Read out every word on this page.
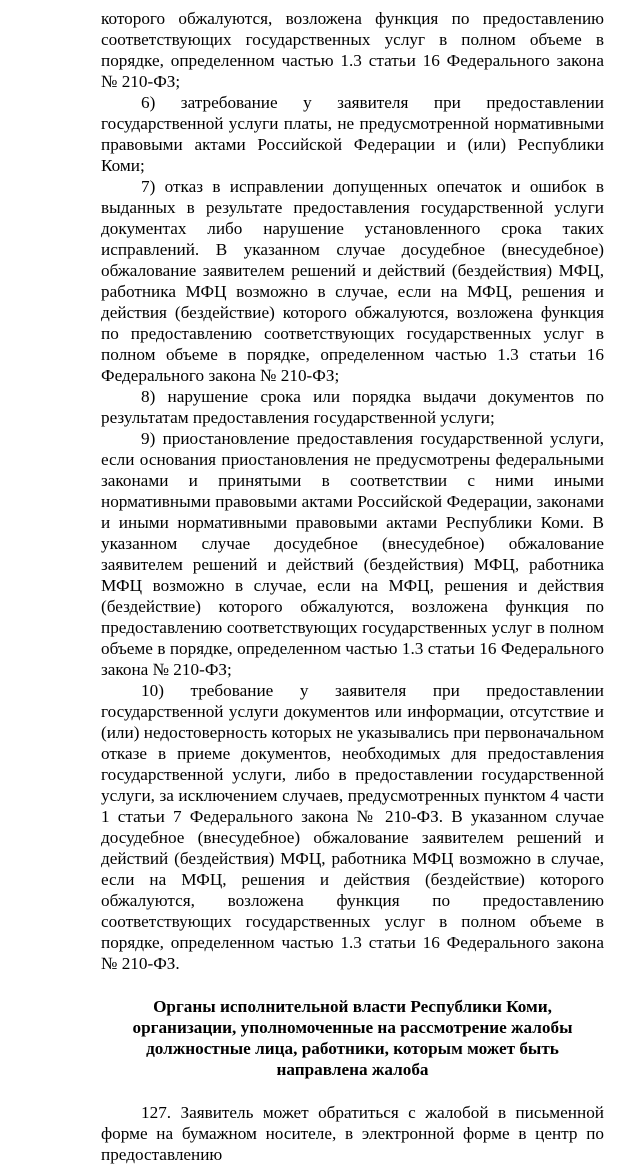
которого обжалуются, возложена функция по предоставлению соответствующих государственных услуг в полном объеме в порядке, определенном частью 1.3 статьи 16 Федерального закона № 210-ФЗ;

6) затребование у заявителя при предоставлении государственной услуги платы, не предусмотренной нормативными правовыми актами Российской Федерации и (или) Республики Коми;

7) отказ в исправлении допущенных опечаток и ошибок в выданных в результате предоставления государственной услуги документах либо нарушение установленного срока таких исправлений. В указанном случае досудебное (внесудебное) обжалование заявителем решений и действий (бездействия) МФЦ, работника МФЦ возможно в случае, если на МФЦ, решения и действия (бездействие) которого обжалуются, возложена функция по предоставлению соответствующих государственных услуг в полном объеме в порядке, определенном частью 1.3 статьи 16 Федерального закона № 210-ФЗ;

8) нарушение срока или порядка выдачи документов по результатам предоставления государственной услуги;

9) приостановление предоставления государственной услуги, если основания приостановления не предусмотрены федеральными законами и принятыми в соответствии с ними иными нормативными правовыми актами Российской Федерации, законами и иными нормативными правовыми актами Республики Коми. В указанном случае досудебное (внесудебное) обжалование заявителем решений и действий (бездействия) МФЦ, работника МФЦ возможно в случае, если на МФЦ, решения и действия (бездействие) которого обжалуются, возложена функция по предоставлению соответствующих государственных услуг в полном объеме в порядке, определенном частью 1.3 статьи 16 Федерального закона № 210-ФЗ;

10) требование у заявителя при предоставлении государственной услуги документов или информации, отсутствие и (или) недостоверность которых не указывались при первоначальном отказе в приеме документов, необходимых для предоставления государственной услуги, либо в предоставлении государственной услуги, за исключением случаев, предусмотренных пунктом 4 части 1 статьи 7 Федерального закона № 210-ФЗ. В указанном случае досудебное (внесудебное) обжалование заявителем решений и действий (бездействия) МФЦ, работника МФЦ возможно в случае, если на МФЦ, решения и действия (бездействие) которого обжалуются, возложена функция по предоставлению соответствующих государственных услуг в полном объеме в порядке, определенном частью 1.3 статьи 16 Федерального закона № 210-ФЗ.

Органы исполнительной власти Республики Коми, организации, уполномоченные на рассмотрение жалобы должностные лица, работники, которым может быть направлена жалоба

127. Заявитель может обратиться с жалобой в письменной форме на бумажном носителе, в электронной форме в центр по предоставлению
